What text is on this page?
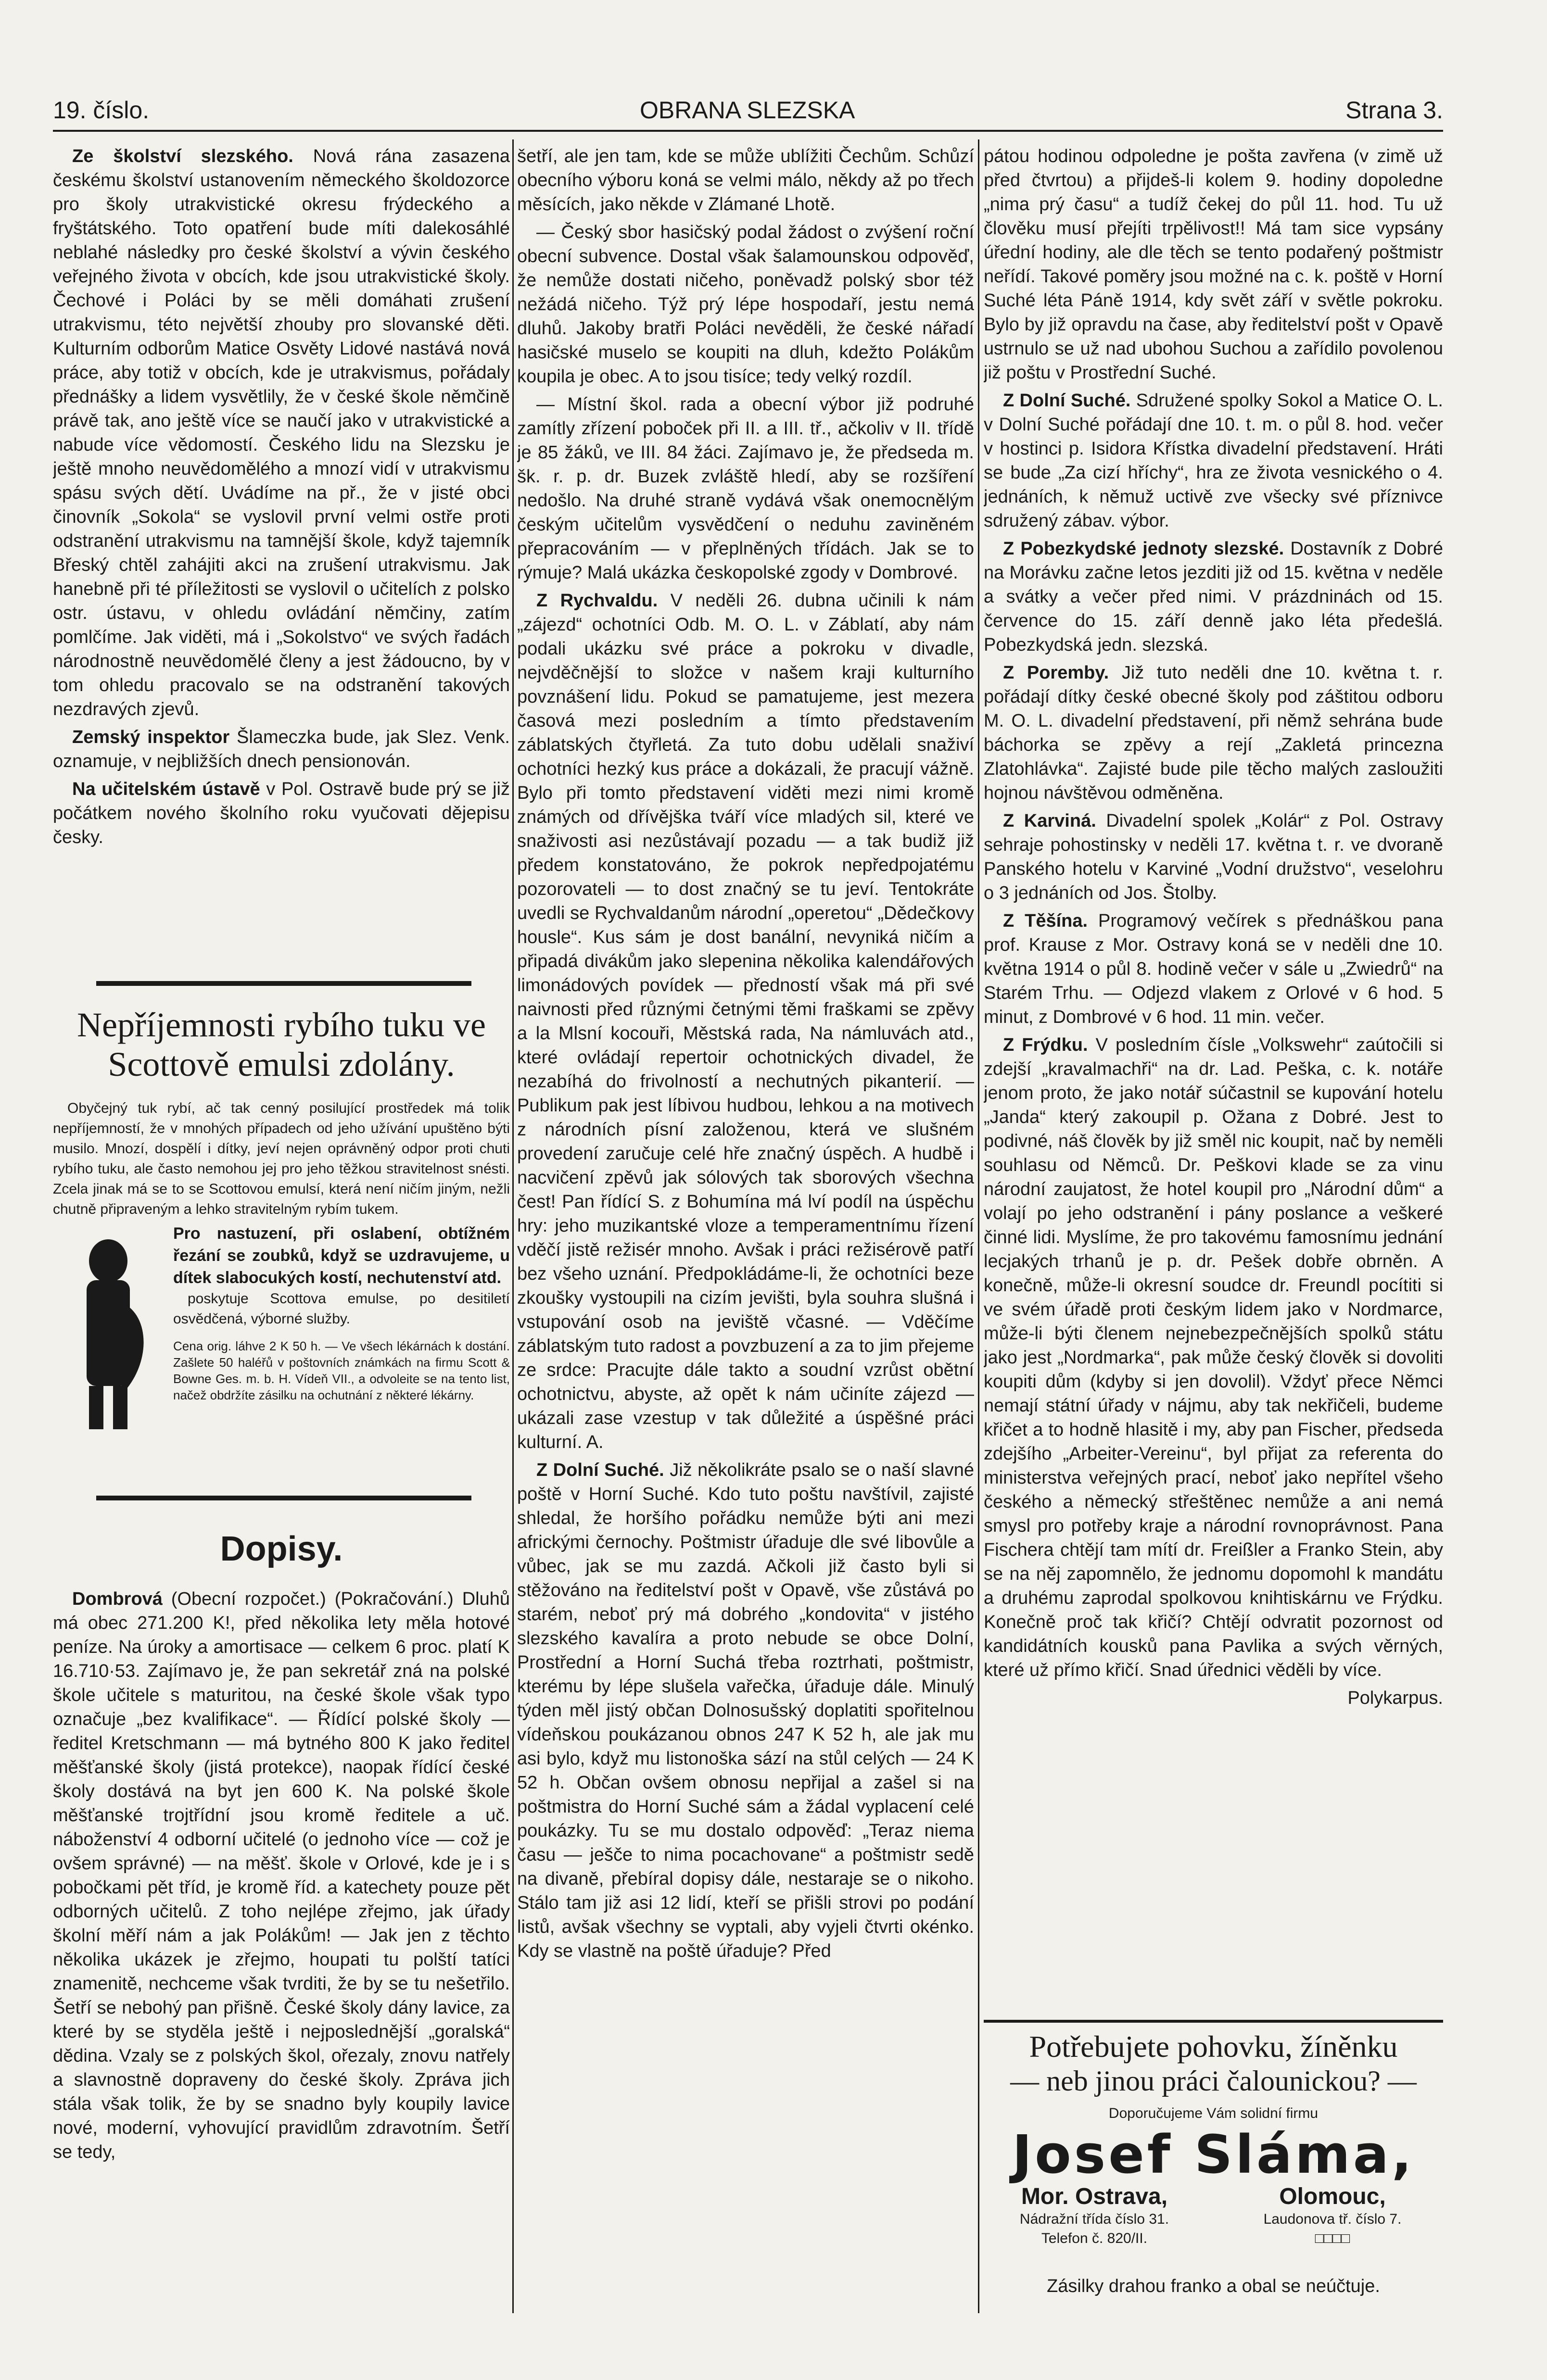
19. číslo.	OBRANA SLEZSKA	Strana 3.

Ze školství slezského. Nová rána zasazena českému školství ustanovením německého školdozorce pro školy utrakvistické okresu frýdeckého a fryštátského. Toto opatření bude míti dalekosáhlé neblahé následky pro české školství a vývin českého veřejného života v obcích, kde jsou utrakvistické školy. Čechové i Poláci by se měli domáhati zrušení utrakvismu, této největší zhouby pro slovanské děti. Kulturním odborům Matice Osvěty Lidové nastává nová práce, aby totiž v obcích, kde je utrakvismus, pořádaly přednášky a lidem vysvětlily, že v české škole němčině právě tak, ano ještě více se naučí jako v utrakvistické a nabude více vědomostí. Českého lidu na Slezsku je ještě mnoho neuvědomělého a mnozí vidí v utrakvismu spásu svých dětí. Uvádíme na př., že v jisté obci činovník „Sokola“ se vyslovil první velmi ostře proti odstranění utrakvismu na tamnější škole, když tajemník Břeský chtěl zahájiti akci na zrušení utrakvismu. Jak hanebně při té příležitosti se vyslovil o učitelích z polsko ostr. ústavu, v ohledu ovládání němčiny, zatím pomlčíme. Jak viděti, má i „Sokolstvo“ ve svých řadách národnostně neuvědomělé členy a jest žádoucno, by v tom ohledu pracovalo se na odstranění takových nezdravých zjevů.

Zemský inspektor Šlameczka bude, jak Slez. Venk. oznamuje, v nejbližších dnech pensionován.

Na učitelském ústavě v Pol. Ostravě bude prý se již počátkem nového školního roku vyučovati dějepisu česky.

Nepříjemnosti rybího tuku ve Scottově emulsi zdolány.

Obyčejný tuk rybí, ač tak cenný posilující prostředek má tolik nepříjemností, že v mnohých případech od jeho užívání upuštěno býti musilo. Mnozí, dospělí i dítky, jeví nejen oprávněný odpor proti chuti rybího tuku, ale často nemohou jej pro jeho těžkou stravitelnost snésti. Zcela jinak má se to se Scottovou emulsí, která není ničím jiným, nežli chutně připraveným a lehko stravitelným rybím tukem.

Pro nastuzení, při oslabení, obtížném řezání se zoubků, když se uzdravujeme, u dítek slabocukých kostí, nechutenství atd.

poskytuje Scottova emulse, po desitiletí osvědčená, výborné služby.

Cena orig. láhve 2 K 50 h. — Ve všech lékárnách k dostání. Zašlete 50 haléřů v poštovních známkách na firmu Scott & Bowne Ges. m. b. H. Vídeň VII., a odvoleite se na tento list, načež obdržíte zásilku na ochutnání z některé lékárny.
Dopisy.

Dombrová (Obecní rozpočet.) (Pokračování.) Dluhů má obec 271.200 K!, před několika lety měla hotové peníze. Na úroky a amortisace — celkem 6 proc. platí K 16.710·53. Zajímavo je, že pan sekretář zná na polské škole učitele s maturitou, na české škole však typo označuje „bez kvalifikace“. — Řídící polské školy — ředitel Kretschmann — má bytného 800 K jako ředitel měšťanské školy (jistá protekce), naopak řídící české školy dostává na byt jen 600 K. Na polské škole měšťanské trojtřídní jsou kromě ředitele a uč. náboženství 4 odborní učitelé (o jednoho více — což je ovšem správné) — na měšť. škole v Orlové, kde je i s pobočkami pět tříd, je kromě říd. a katechety pouze pět odborných učitelů. Z toho nejlépe zřejmo, jak úřady školní měří nám a jak Polákům! — Jak jen z těchto několika ukázek je zřejmo, houpati tu polští tatíci znamenitě, nechceme však tvrditi, že by se tu nešetřilo. Šetří se nebohý pan přišně. České školy dány lavice, za které by se styděla ještě i nejposlednější „goralská“ dědina. Vzaly se z polských škol, ořezaly, znovu natřely a slavnostně dopraveny do české školy. Zpráva jich stála však tolik, že by se snadno byly koupily lavice nové, moderní, vyhovující pravidlům zdravotním. Šetří se tedy,

šetří, ale jen tam, kde se může ublížiti Čechům. Schůzí obecního výboru koná se velmi málo, někdy až po třech měsících, jako někde v Zlámané Lhotě.

— Český sbor hasičský podal žádost o zvýšení roční obecní subvence. Dostal však šalamounskou odpověď, že nemůže dostati ničeho, poněvadž polský sbor též nežádá ničeho. Týž prý lépe hospodaří, jestu nemá dluhů. Jakoby bratři Poláci nevěděli, že české nářadí hasičské muselo se koupiti na dluh, kdežto Polákům koupila je obec. A to jsou tisíce; tedy velký rozdíl.

— Místní škol. rada a obecní výbor již podruhé zamítly zřízení poboček při II. a III. tř., ačkoliv v II. třídě je 85 žáků, ve III. 84 žáci. Zajímavo je, že předseda m. šk. r. p. dr. Buzek zvláště hledí, aby se rozšíření nedošlo. Na druhé straně vydává však onemocnělým českým učitelům vysvědčení o neduhu zaviněném přepracováním — v přeplněných třídách. Jak se to rýmuje? Malá ukázka českopolské zgody v Dombrové.

Z Rychvaldu. V neděli 26. dubna učinili k nám „zájezd“ ochotníci Odb. M. O. L. v Záblatí, aby nám podali ukázku své práce a pokroku v divadle, nejvděčnější to složce v našem kraji kulturního povznášení lidu. Pokud se pamatujeme, jest mezera časová mezi posledním a tímto představením záblatských čtyřletá. Za tuto dobu udělali snaživí ochotníci hezký kus práce a dokázali, že pracují vážně. Bylo při tomto představení viděti mezi nimi kromě známých od dřívějška tváří více mladých sil, které ve snaživosti asi nezůstávají pozadu — a tak budiž již předem konstatováno, že pokrok nepředpojatému pozorovateli — to dost značný se tu jeví. Tentokráte uvedli se Rychvaldanům národní „operetou“ „Dědečkovy housle“. Kus sám je dost banální, nevyniká ničím a připadá divákům jako slepenina několika kalendářových limonádových povídek — předností však má při své naivnosti před různými četnými těmi fraškami se zpěvy a la Mlsní kocouři, Městská rada, Na námluvách atd., které ovládají repertoir ochotnických divadel, že nezabíhá do frivolností a nechutných pikanterií. — Publikum pak jest líbivou hudbou, lehkou a na motivech z národních písní založenou, která ve slušném provedení zaručuje celé hře značný úspěch. A hudbě i nacvičení zpěvů jak sólových tak sborových všechna čest! Pan řídící S. z Bohumína má lví podíl na úspěchu hry: jeho muzikantské vloze a temperamentnímu řízení vděčí jistě režisér mnoho. Avšak i práci režisérově patří bez všeho uznání. Předpokládáme-li, že ochotníci beze zkoušky vystoupili na cizím jevišti, byla souhra slušná i vstupování osob na jeviště včasné. — Vděčíme záblatským tuto radost a povzbuzení a za to jim přejeme ze srdce: Pracujte dále takto a soudní vzrůst obětní ochotnictvu, abyste, až opět k nám učiníte zájezd — ukázali zase vzestup v tak důležité a úspěšné práci kulturní. A.

Z Dolní Suché. Již několikráte psalo se o naší slavné poště v Horní Suché. Kdo tuto poštu navštívil, zajisté shledal, že horšího pořádku nemůže býti ani mezi africkými černochy. Poštmistr úřaduje dle své libovůle a vůbec, jak se mu zazdá. Ačkoli již často byli si stěžováno na ředitelství pošt v Opavě, vše zůstává po starém, neboť prý má dobrého „kondovita“ v jistého slezského kavalíra a proto nebude se obce Dolní, Prostřední a Horní Suchá třeba roztrhati, poštmistr, kterému by lépe slušela vařečka, úřaduje dále. Minulý týden měl jistý občan Dolnosušský doplatiti spořitelnou vídeňskou poukázanou obnos 247 K 52 h, ale jak mu asi bylo, když mu listonoška sází na stůl celých — 24 K 52 h. Občan ovšem obnosu nepřijal a zašel si na poštmistra do Horní Suché sám a žádal vyplacení celé poukázky. Tu se mu dostalo odpověď: „Teraz niema času — ješče to nima pocachovane“ a poštmistr sedě na divaně, přebíral dopisy dále, nestaraje se o nikoho. Stálo tam již asi 12 lidí, kteří se přišli strovi po podání listů, avšak všechny se vyptali, aby vyjeli čtvrti okénko. Kdy se vlastně na poště úřaduje? Před

pátou hodinou odpoledne je pošta zavřena (v zimě už před čtvrtou) a přijdeš-li kolem 9. hodiny dopoledne „nima prý času“ a tudíž čekej do půl 11. hod. Tu už člověku musí přejíti trpělivost!! Má tam sice vypsány úřední hodiny, ale dle těch se tento podařený poštmistr neřídí. Takové poměry jsou možné na c. k. poště v Horní Suché léta Páně 1914, kdy svět září v světle pokroku. Bylo by již opravdu na čase, aby ředitelství pošt v Opavě ustrnulo se už nad ubohou Suchou a zařídilo povolenou již poštu v Prostřední Suché.

Z Dolní Suché. Sdružené spolky Sokol a Matice O. L. v Dolní Suché pořádají dne 10. t. m. o půl 8. hod. večer v hostinci p. Isidora Křístka divadelní představení. Hráti se bude „Za cizí hříchy“, hra ze života vesnického o 4. jednáních, k němuž uctivě zve všecky své příznivce sdružený zábav. výbor.

Z Pobezkydské jednoty slezské. Dostavník z Dobré na Morávku začne letos jezditi již od 15. května v neděle a svátky a večer před nimi. V prázdninách od 15. července do 15. září denně jako léta předešlá. Pobezkydská jedn. slezská.

Z Poremby. Již tuto neděli dne 10. května t. r. pořádají dítky české obecné školy pod záštitou odboru M. O. L. divadelní představení, při němž sehrána bude báchorka se zpěvy a rejí „Zakletá princezna Zlatohlávka“. Zajisté bude pile těcho malých zasloužiti hojnou návštěvou odměněna.

Z Karviná. Divadelní spolek „Kolár“ z Pol. Ostravy sehraje pohostinsky v neděli 17. května t. r. ve dvoraně Panského hotelu v Karviné „Vodní družstvo“, veselohru o 3 jednáních od Jos. Štolby.

Z Těšína. Programový večírek s přednáškou pana prof. Krause z Mor. Ostravy koná se v neděli dne 10. května 1914 o půl 8. hodině večer v sále u „Zwiedrů“ na Starém Trhu. — Odjezd vlakem z Orlové v 6 hod. 5 minut, z Dombrové v 6 hod. 11 min. večer.

Z Frýdku. V posledním čísle „Volkswehr“ zaútočili si zdejší „kravalmachři“ na dr. Lad. Peška, c. k. notáře jenom proto, že jako notář súčastnil se kupování hotelu „Janda“ který zakoupil p. Ožana z Dobré. Jest to podivné, náš člověk by již směl nic koupit, nač by neměli souhlasu od Němců. Dr. Peškovi klade se za vinu národní zaujatost, že hotel koupil pro „Národní dům“ a volají po jeho odstranění i pány poslance a veškeré činné lidi. Myslíme, že pro takovému famosnímu jednání lecjakých trhanů je p. dr. Pešek dobře obrněn. A konečně, může-li okresní soudce dr. Freundl pocítiti si ve svém úřadě proti českým lidem jako v Nordmarce, může-li býti členem nejnebezpečnějších spolků státu jako jest „Nordmarka“, pak může český člověk si dovoliti koupiti dům (kdyby si jen dovolil). Vždyť přece Němci nemají státní úřady v nájmu, aby tak nekřičeli, budeme křičet a to hodně hlasitě i my, aby pan Fischer, předseda zdejšího „Arbeiter-Vereinu“, byl přijat za referenta do ministerstva veřejných prací, neboť jako nepřítel všeho českého a německý střeštěnec nemůže a ani nemá smysl pro potřeby kraje a národní rovnoprávnost. Pana Fischera chtějí tam mítí dr. Freißler a Franko Stein, aby se na něj zapomnělo, že jednomu dopomohl k mandátu a druhému zaprodal spolkovou knihtiskárnu ve Frýdku. Konečně proč tak křičí? Chtějí odvratit pozornost od kandidátních kousků pana Pavlika a svých věrných, které už přímo křičí. Snad úřednici věděli by více.

Polykarpus.

Potřebujete pohovku, žíněnku
— neb jinou práci čalounickou? —
Doporučujeme Vám solidní firmu
Josef Sláma,
Mor. Ostrava,
Nádražní třída číslo 31.
Telefon č. 820/II.
Olomouc,
Laudonova tř. číslo 7.
□□□□
Zásilky drahou franko a obal se neúčtuje.
